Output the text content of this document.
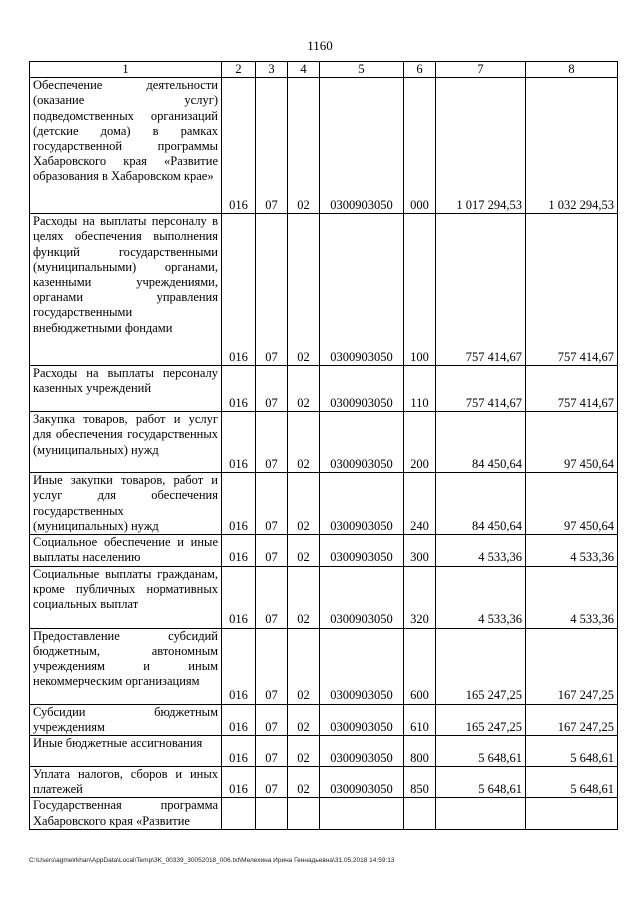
1160
1	2	3	4	5	6	7	8
Обеспечение деятельности (оказание услуг) подведомственных организаций (детские дома) в рамках государственной программы Хабаровского края «Развитие образования в Хабаровском крае»	016	07	02	0300903050	000	1 017 294,53	1 032 294,53
Расходы на выплаты персоналу в целях обеспечения выполнения функций государственными (муниципальными) органами, казенными учреждениями, органами управления государственными внебюджетными фондами	016	07	02	0300903050	100	757 414,67	757 414,67
Расходы на выплаты персоналу казенных учреждений	016	07	02	0300903050	110	757 414,67	757 414,67
Закупка товаров, работ и услуг для обеспечения государственных (муниципальных) нужд	016	07	02	0300903050	200	84 450,64	97 450,64
Иные закупки товаров, работ и услуг для обеспечения государственных (муниципальных) нужд	016	07	02	0300903050	240	84 450,64	97 450,64
Социальное обеспечение и иные выплаты населению	016	07	02	0300903050	300	4 533,36	4 533,36
Социальные выплаты гражданам, кроме публичных нормативных социальных выплат	016	07	02	0300903050	320	4 533,36	4 533,36
Предоставление субсидий бюджетным, автономным учреждениям и иным некоммерческим организациям	016	07	02	0300903050	600	165 247,25	167 247,25
Субсидии бюджетным учреждениям	016	07	02	0300903050	610	165 247,25	167 247,25
Иные бюджетные ассигнования	016	07	02	0300903050	800	5 648,61	5 648,61
Уплата налогов, сборов и иных платежей	016	07	02	0300903050	850	5 648,61	5 648,61
Государственная программа Хабаровского края «Развитие							
C:\Users\agmelrkhan\AppData\Local\Temp\3K_00339_30052018_006.txt\Мелехина Ирина Геннадьевна\31.05.2018 14:59:13
